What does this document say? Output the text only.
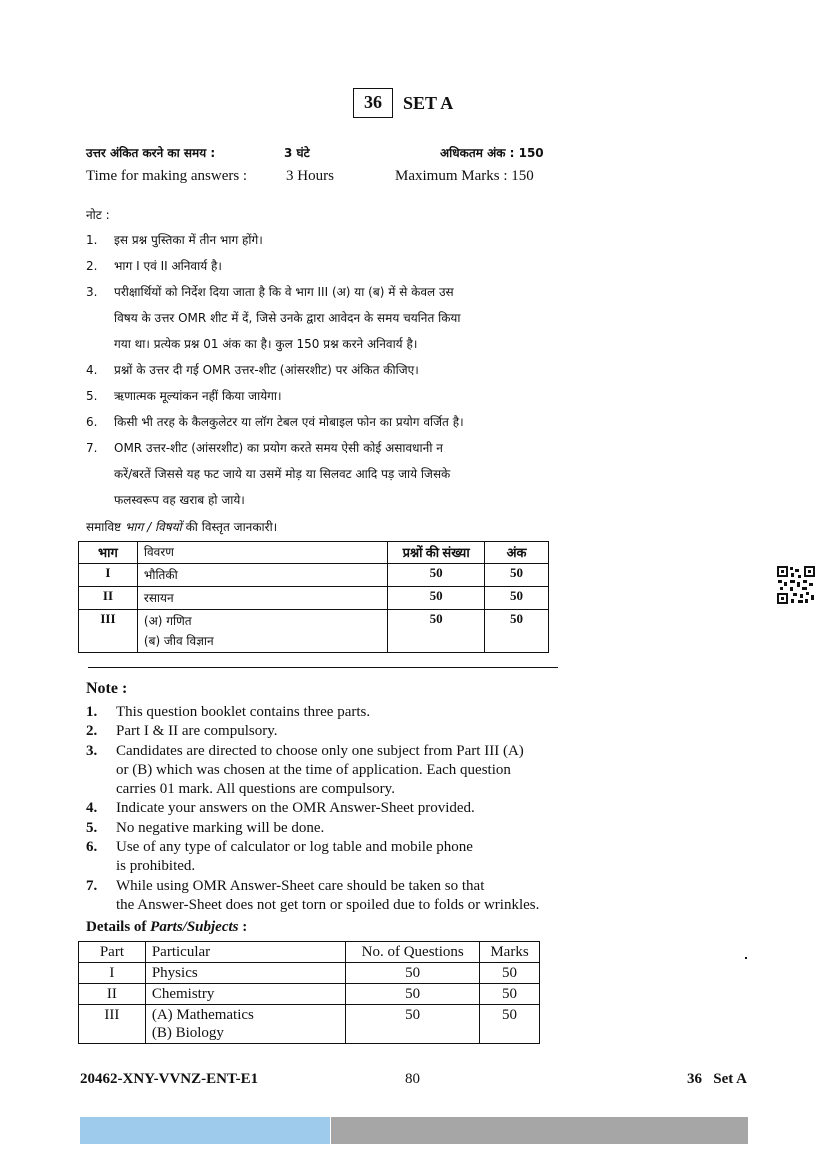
36	SET A
उत्तर अंकित करने का समय :	3 घंटे	अधिकतम अंक : 150
Time for making answers :	3 Hours	Maximum Marks : 150
नोट :
1. इस प्रश्न पुस्तिका में तीन भाग होंगे।
2. भाग I एवं II अनिवार्य है।
3. परीक्षार्थियों को निर्देश दिया जाता है कि वे भाग III (अ) या (ब) में से केवल उस
विषय के उत्तर OMR शीट में दें, जिसे उनके द्वारा आवेदन के समय चयनित किया
गया था। प्रत्येक प्रश्न 01 अंक का है। कुल 150 प्रश्न करने अनिवार्य है।
4. प्रश्नों के उत्तर दी गई OMR उत्तर-शीट (आंसरशीट) पर अंकित कीजिए।
5. ऋणात्मक मूल्यांकन नहीं किया जायेगा।
6. किसी भी तरह के कैलकुलेटर या लॉग टेबल एवं मोबाइल फोन का प्रयोग वर्जित है।
7. OMR उत्तर-शीट (आंसरशीट) का प्रयोग करते समय ऐसी कोई असावधानी न
करें/बरतें जिससे यह फट जाये या उसमें मोड़ या सिलवट आदि पड़ जाये जिसके
फलस्वरूप वह खराब हो जाये।
समाविष्ट भाग / विषयों की विस्तृत जानकारी।
भाग	विवरण	प्रश्नों की संख्या	अंक
I	भौतिकी	50	50
II	रसायन	50	50
III	(अ) गणित
(ब) जीव विज्ञान	50	50
Note :
1. This question booklet contains three parts.
2. Part I & II are compulsory.
3. Candidates are directed to choose only one subject from Part III (A)
or (B) which was chosen at the time of application. Each question
carries 01 mark. All questions are compulsory.
4. Indicate your answers on the OMR Answer-Sheet provided.
5. No negative marking will be done.
6. Use of any type of calculator or log table and mobile phone
is prohibited.
7. While using OMR Answer-Sheet care should be taken so that
the Answer-Sheet does not get torn or spoiled due to folds or wrinkles.
Details of Parts/Subjects :
Part	Particular	No. of Questions	Marks
I	Physics	50	50
II	Chemistry	50	50
III	(A) Mathematics
(B) Biology	50	50
20462-XNY-VVNZ-ENT-E1	80	36   Set A
